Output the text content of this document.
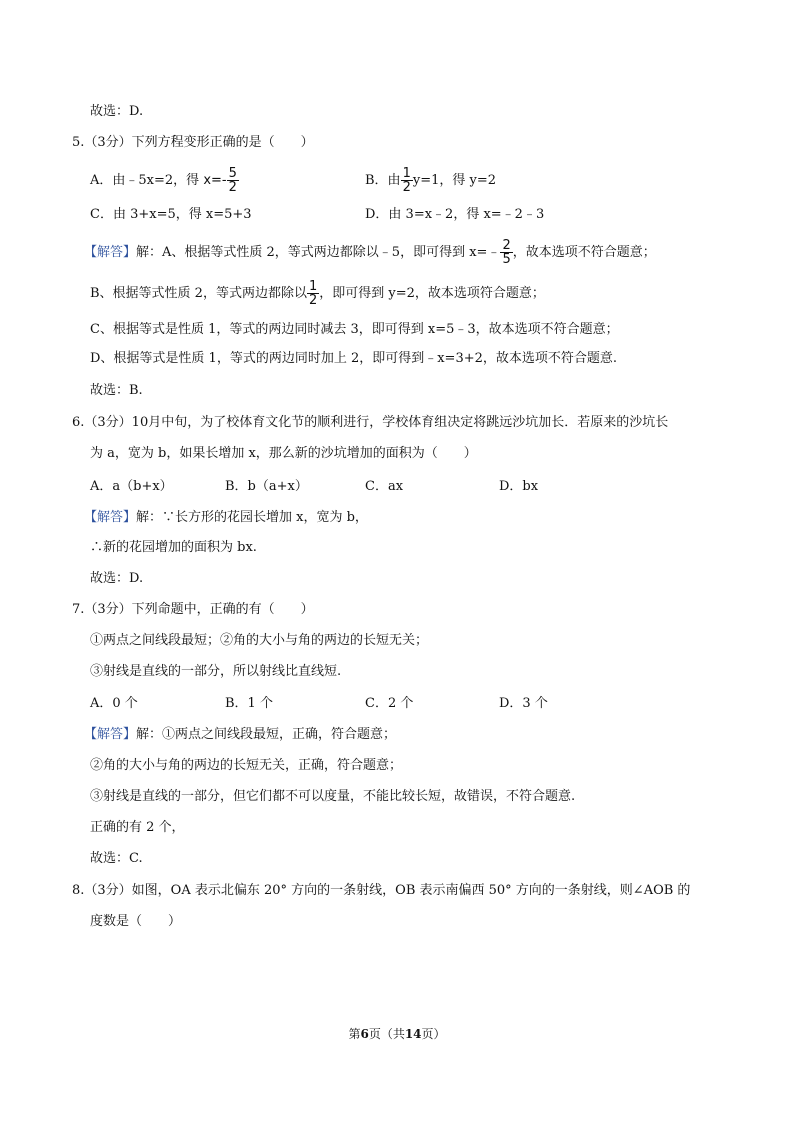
故选：D.
5.（3分）下列方程变形正确的是（　　）
A．由﹣5x=2，得 $x=- \frac{5}{2}$	B．由 $\frac{1}{2} y=1$，得 y=2
C．由 3+x=5，得 x=5+3	D．由 3=x﹣2，得 x=﹣2﹣3
【解答】解：A、根据等式性质 2，等式两边都除以﹣5，即可得到 x=﹣ $\frac{2}{5}$ ，故本选项不符合题意；
B、根据等式性质 2，等式两边都除以 $\frac{1}{2}$ ，即可得到 y=2，故本选项符合题意；
C、根据等式是性质 1，等式的两边同时减去 3，即可得到 x=5﹣3，故本选项不符合题意；
D、根据等式是性质 1，等式的两边同时加上 2，即可得到﹣x=3+2，故本选项不符合题意.
故选：B.
6.（3分）10月中旬，为了校体育文化节的顺利进行，学校体育组决定将跳远沙坑加长．若原来的沙坑长
为 a，宽为 b，如果长增加 x，那么新的沙坑增加的面积为（　　）
A．a（b+x）	B．b（a+x）	C．ax	D．bx
【解答】解：∵长方形的花园长增加 x，宽为 b，
∴新的花园增加的面积为 bx.
故选：D.
7.（3分）下列命题中，正确的有（　　）
①两点之间线段最短；②角的大小与角的两边的长短无关；
③射线是直线的一部分，所以射线比直线短.
A．0 个	B．1 个	C．2 个	D．3 个
【解答】解：①两点之间线段最短，正确，符合题意；
②角的大小与角的两边的长短无关，正确，符合题意；
③射线是直线的一部分，但它们都不可以度量，不能比较长短，故错误，不符合题意.
正确的有 2 个，
故选：C.
8.（3分）如图，OA 表示北偏东 20° 方向的一条射线，OB 表示南偏西 50° 方向的一条射线，则∠AOB 的
度数是（　　）
第6页（共14页）
